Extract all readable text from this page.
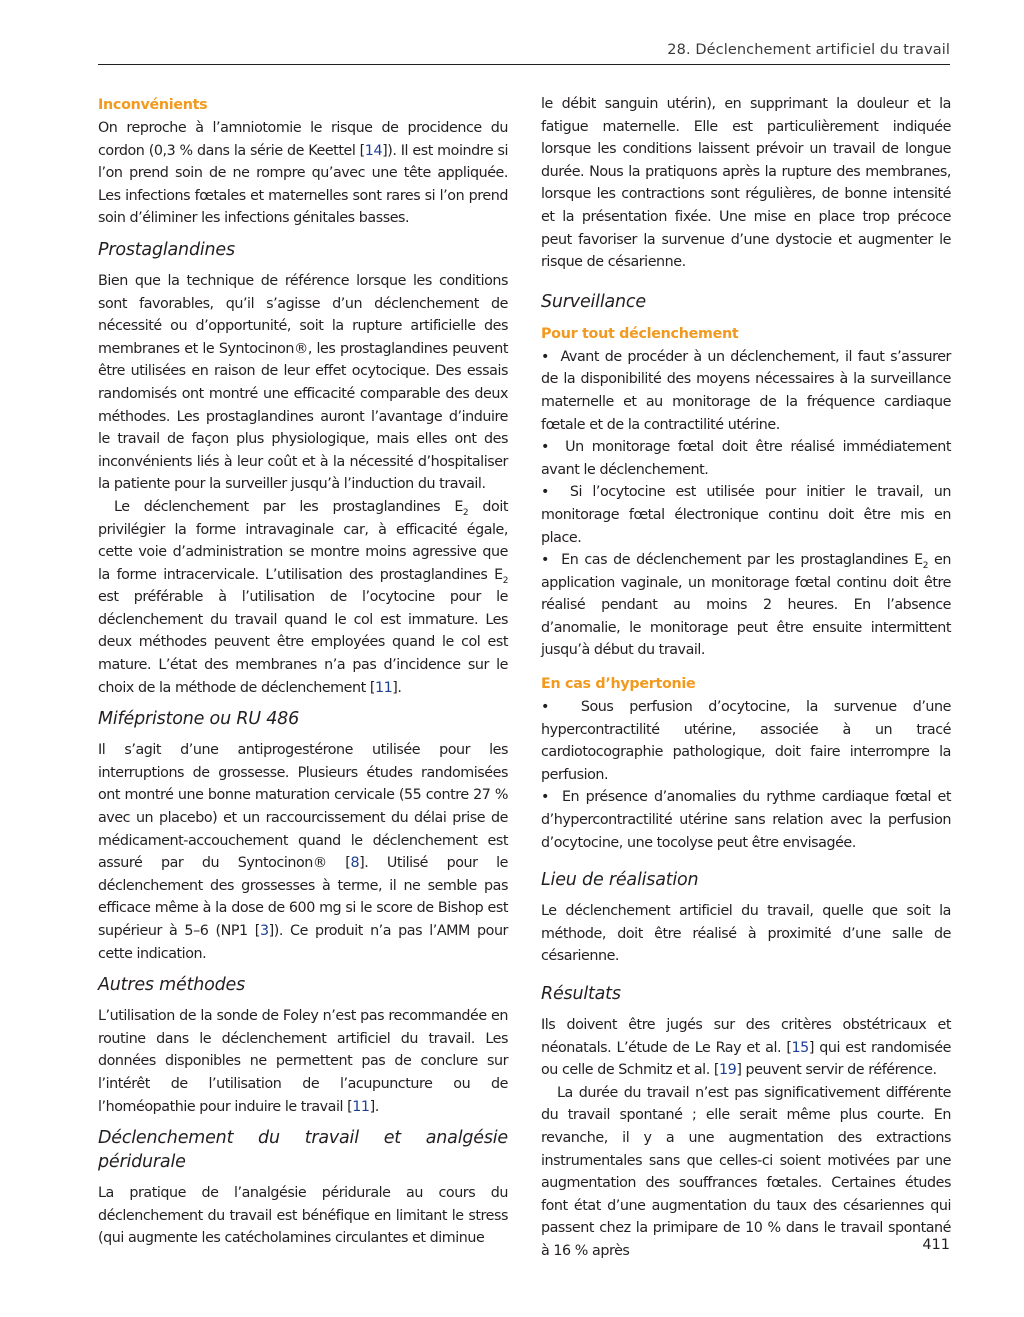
28. Déclenchement artificiel du travail

Inconvénients

On reproche à l’amniotomie le risque de procidence du cordon (0,3 % dans la série de Keettel [14]). Il est moindre si l’on prend soin de ne rompre qu’avec une tête appliquée. Les infections fœtales et maternelles sont rares si l’on prend soin d’éliminer les infections génitales basses.

Prostaglandines

Bien que la technique de référence lorsque les conditions sont favorables, qu’il s’agisse d’un déclenchement de nécessité ou d’opportunité, soit la rupture artificielle des membranes et le Syntocinon®, les prostaglandines peuvent être utilisées en raison de leur effet ocytocique. Des essais randomisés ont montré une efficacité comparable des deux méthodes. Les prostaglandines auront l’avantage d’induire le travail de façon plus physiologique, mais elles ont des inconvénients liés à leur coût et à la nécessité d’hospitaliser la patiente pour la surveiller jusqu’à l’induction du travail.

Le déclenchement par les prostaglandines $E_2$ doit privilégier la forme intravaginale car, à efficacité égale, cette voie d’administration se montre moins agressive que la forme intracervicale. L’utilisation des prostaglandines $E_2$ est préférable à l’utilisation de l’ocytocine pour le déclenchement du travail quand le col est immature. Les deux méthodes peuvent être employées quand le col est mature. L’état des membranes n’a pas d’incidence sur le choix de la méthode de déclenchement [11].

Mifépristone ou RU 486

Il s’agit d’une antiprogestérone utilisée pour les interruptions de grossesse. Plusieurs études randomisées ont montré une bonne maturation cervicale (55 contre 27 % avec un placebo) et un raccourcissement du délai prise de médicament-accouchement quand le déclenchement est assuré par du Syntocinon® [8]. Utilisé pour le déclenchement des grossesses à terme, il ne semble pas efficace même à la dose de 600 mg si le score de Bishop est supérieur à 5–6 (NP1 [3]). Ce produit n’a pas l’AMM pour cette indication.

Autres méthodes

L’utilisation de la sonde de Foley n’est pas recommandée en routine dans le déclenchement artificiel du travail. Les données disponibles ne permettent pas de conclure sur l’intérêt de l’utilisation de l’acupuncture ou de l’homéopathie pour induire le travail [11].

Déclenchement du travail et analgésie péridurale

La pratique de l’analgésie péridurale au cours du déclenchement du travail est bénéfique en limitant le stress (qui augmente les catécholamines circulantes et diminue

le débit sanguin utérin), en supprimant la douleur et la fatigue maternelle. Elle est particulièrement indiquée lorsque les conditions laissent prévoir un travail de longue durée. Nous la pratiquons après la rupture des membranes, lorsque les contractions sont régulières, de bonne intensité et la présentation fixée. Une mise en place trop précoce peut favoriser la survenue d’une dystocie et augmenter le risque de césarienne.

Surveillance

Pour tout déclenchement

•  Avant de procéder à un déclenchement, il faut s’assurer de la disponibilité des moyens nécessaires à la surveillance maternelle et au monitorage de la fréquence cardiaque fœtale et de la contractilité utérine.

•  Un monitorage fœtal doit être réalisé immédiatement avant le déclenchement.

•  Si l’ocytocine est utilisée pour initier le travail, un monitorage fœtal électronique continu doit être mis en place.

•  En cas de déclenchement par les prostaglandines $E_2$ en application vaginale, un monitorage fœtal continu doit être réalisé pendant au moins 2 heures. En l’absence d’anomalie, le monitorage peut être ensuite intermittent jusqu’à début du travail.

En cas d’hypertonie

•  Sous perfusion d’ocytocine, la survenue d’une hypercontractilité utérine, associée à un tracé cardiotocographie pathologique, doit faire interrompre la perfusion.

•  En présence d’anomalies du rythme cardiaque fœtal et d’hypercontractilité utérine sans relation avec la perfusion d’ocytocine, une tocolyse peut être envisagée.

Lieu de réalisation

Le déclenchement artificiel du travail, quelle que soit la méthode, doit être réalisé à proximité d’une salle de césarienne.

Résultats

Ils doivent être jugés sur des critères obstétricaux et néonatals. L’étude de Le Ray et al. [15] qui est randomisée ou celle de Schmitz et al. [19] peuvent servir de référence.

La durée du travail n’est pas significativement différente du travail spontané ; elle serait même plus courte. En revanche, il y a une augmentation des extractions instrumentales sans que celles-ci soient motivées par une augmentation des souffrances fœtales. Certaines études font état d’une augmentation du taux des césariennes qui passent chez la primipare de 10 % dans le travail spontané à 16 % après	411
